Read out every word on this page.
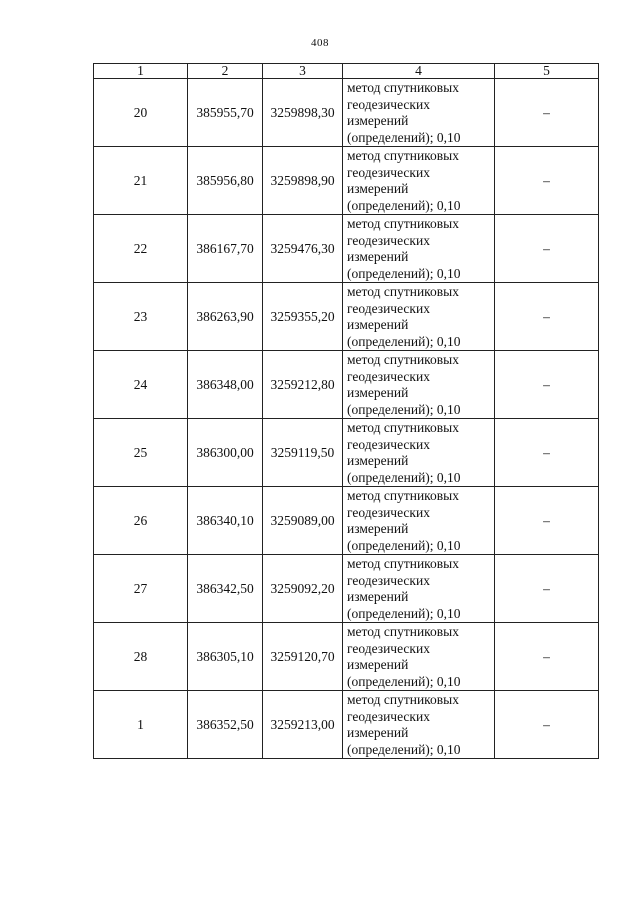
408
1	2	3	4	5
20	385955,70	3259898,30	метод спутниковых
геодезических
измерений
(определений); 0,10	–
21	385956,80	3259898,90	метод спутниковых
геодезических
измерений
(определений); 0,10	–
22	386167,70	3259476,30	метод спутниковых
геодезических
измерений
(определений); 0,10	–
23	386263,90	3259355,20	метод спутниковых
геодезических
измерений
(определений); 0,10	–
24	386348,00	3259212,80	метод спутниковых
геодезических
измерений
(определений); 0,10	–
25	386300,00	3259119,50	метод спутниковых
геодезических
измерений
(определений); 0,10	–
26	386340,10	3259089,00	метод спутниковых
геодезических
измерений
(определений); 0,10	–
27	386342,50	3259092,20	метод спутниковых
геодезических
измерений
(определений); 0,10	–
28	386305,10	3259120,70	метод спутниковых
геодезических
измерений
(определений); 0,10	–
1	386352,50	3259213,00	метод спутниковых
геодезических
измерений
(определений); 0,10	–
